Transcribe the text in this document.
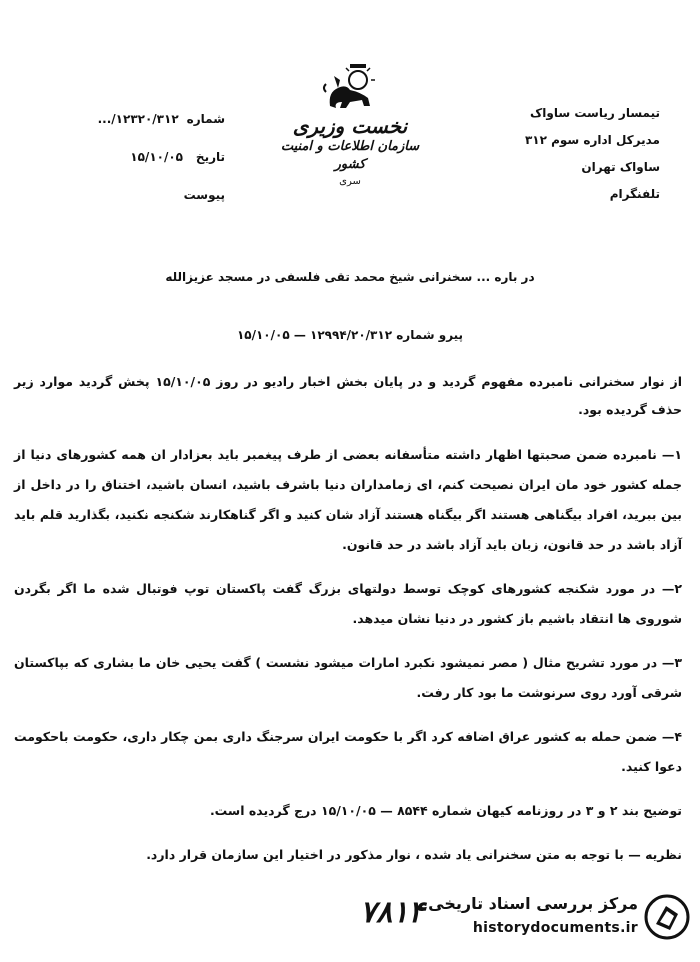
تیمسار ریاست ساواک
مدیرکل اداره سوم ۳۱۲
ساواک تهران
تلفنگرام
نخست وزیری
سازمان اطلاعات و امنیت کشور
سری
شماره
۱۲۳۲۰/۳۱۲/...
تاریخ
۱۵/۱۰/۰۵
پیوست
در باره ... سخنرانی شیخ محمد تقی فلسفی در مسجد عزیزالله
پیرو شماره ۱۲۹۹۴/۲۰/۳۱۲ — ۱۵/۱۰/۰۵

از نوار سخنرانی نامبرده مفهوم گردید و در پایان بخش اخبار رادیو در روز ۱۵/۱۰/۰۵ پخش گردید موارد زیر حذف گردیده بود.

۱— نامبرده ضمن صحبتها اظهار داشته متأسفانه بعضی از طرف پیغمبر باید بعزادار ان همه کشورهای دنیا از جمله کشور خود مان ایران نصیحت کنم، ای زمامداران دنیا باشرف باشید، انسان باشید، اختناق را در داخل از بین ببرید، افراد بیگناهی هستند اگر بیگناه هستند آزاد شان کنید و اگر گناهکارند شکنجه نکنید، بگذارید قلم باید آزاد باشد در حد قانون، زبان باید آزاد باشد در حد قانون.

۲— در مورد شکنجه کشورهای کوچک توسط دولتهای بزرگ گفت پاکستان توپ فوتبال شده ما اگر بگردن شوروی ها انتقاد باشیم باز کشور در دنیا نشان میدهد.

۳— در مورد تشریح مثال ( مصر نمیشود نکبرد امارات میشود نشست ) گفت یحیی خان ما بشاری که بپاکستان شرقی آورد روی سرنوشت ما بود کار رفت.

۴— ضمن حمله به کشور عراق اضافه کرد اگر با حکومت ایران سرجنگ داری بمن چکار داری، حکومت باحکومت دعوا کنید.

توضیح بند ۲ و ۳ در روزنامه کیهان شماره ۸۵۴۴ — ۱۵/۱۰/۰۵ درج گردیده است.

نظریه — با توجه به متن سخنرانی یاد شده ، نوار مذکور در اختیار این سازمان قرار دارد.

۷۸۱۴ مرکز بررسی اسناد تاریخی
historydocuments.ir
